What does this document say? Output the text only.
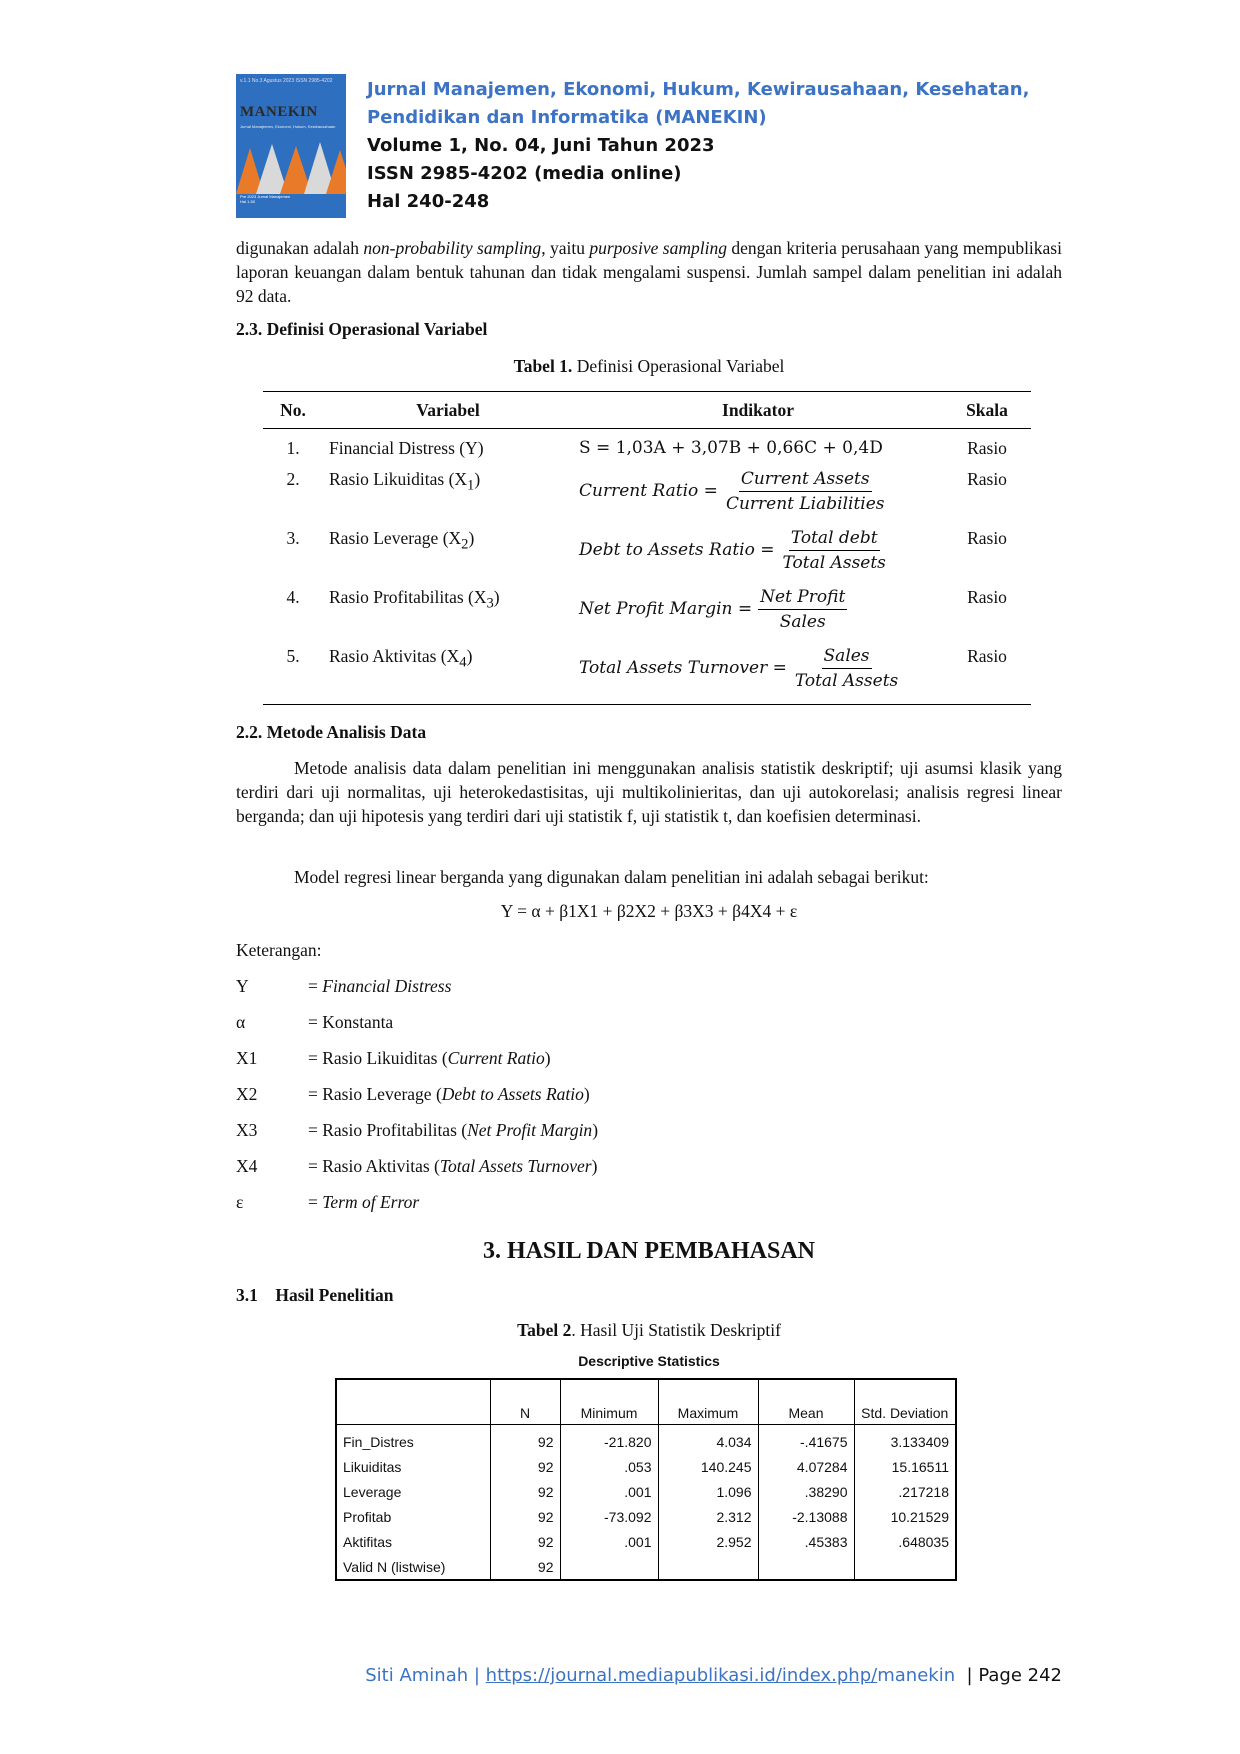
v.1.1 No.3 Agustus 2023 ISSN 2985-4202
MANEKIN
Jurnal Manajemen, Ekonomi, Hukum, Kewirausahaan
Pre 2023 Jurnal Manajemen
Hal 1-50
Jurnal Manajemen, Ekonomi, Hukum, Kewirausahaan, Kesehatan,
Pendidikan dan Informatika (MANEKIN)
Volume 1, No. 04, Juni Tahun 2023
ISSN 2985-4202 (media online)
Hal 240-248
digunakan adalah non-probability sampling, yaitu purposive sampling dengan kriteria perusahaan yang mempublikasi laporan keuangan dalam bentuk tahunan dan tidak mengalami suspensi. Jumlah sampel dalam penelitian ini adalah 92 data.
2.3. Definisi Operasional Variabel
Tabel 1. Definisi Operasional Variabel
No.	Variabel	Indikator	Skala
1.	Financial Distress (Y)	S = 1,03A + 3,07B + 0,66C + 0,4D	Rasio
2.	Rasio Likuiditas $(X_1)$	Current Ratio = $\frac{\text{Current Assets}}{\text{Current Liabilities}}$	Rasio
3.	Rasio Leverage $(X_2)$	Debt to Assets Ratio = $\frac{\text{Total debt}}{\text{Total Assets}}$	Rasio
4.	Rasio Profitabilitas $(X_3)$	Net Profit Margin = $\frac{\text{Net Profit}}{\text{Sales}}$	Rasio
5.	Rasio Aktivitas $(X_4)$	Total Assets Turnover = $\frac{\text{Sales}}{\text{Total Assets}}$	Rasio
2.2. Metode Analisis Data
Metode analisis data dalam penelitian ini menggunakan analisis statistik deskriptif; uji asumsi klasik yang terdiri dari uji normalitas, uji heterokedastisitas, uji multikolinieritas, dan uji autokorelasi; analisis regresi linear berganda; dan uji hipotesis yang terdiri dari uji statistik f, uji statistik t, dan koefisien determinasi.
Model regresi linear berganda yang digunakan dalam penelitian ini adalah sebagai berikut:
Y = α + β1X1 + β2X2 + β3X3 + β4X4 + ε
Keterangan:
Y	= Financial Distress
α	= Konstanta
X1	= Rasio Likuiditas (Current Ratio)
X2	= Rasio Leverage (Debt to Assets Ratio)
X3	= Rasio Profitabilitas (Net Profit Margin)
X4	= Rasio Aktivitas (Total Assets Turnover)
ε	= Term of Error
3. HASIL DAN PEMBAHASAN
3.1    Hasil Penelitian
Tabel 2. Hasil Uji Statistik Deskriptif
Descriptive Statistics
	N	Minimum	Maximum	Mean	Std. Deviation
Fin_Distres	92	-21.820	4.034	-.41675	3.133409
Likuiditas	92	.053	140.245	4.07284	15.16511
Leverage	92	.001	1.096	.38290	.217218
Profitab	92	-73.092	2.312	-2.13088	10.21529
Aktifitas	92	.001	2.952	.45383	.648035
Valid N (listwise)	92				
Siti Aminah | https://journal.mediapublikasi.id/index.php/manekin  | Page 242
